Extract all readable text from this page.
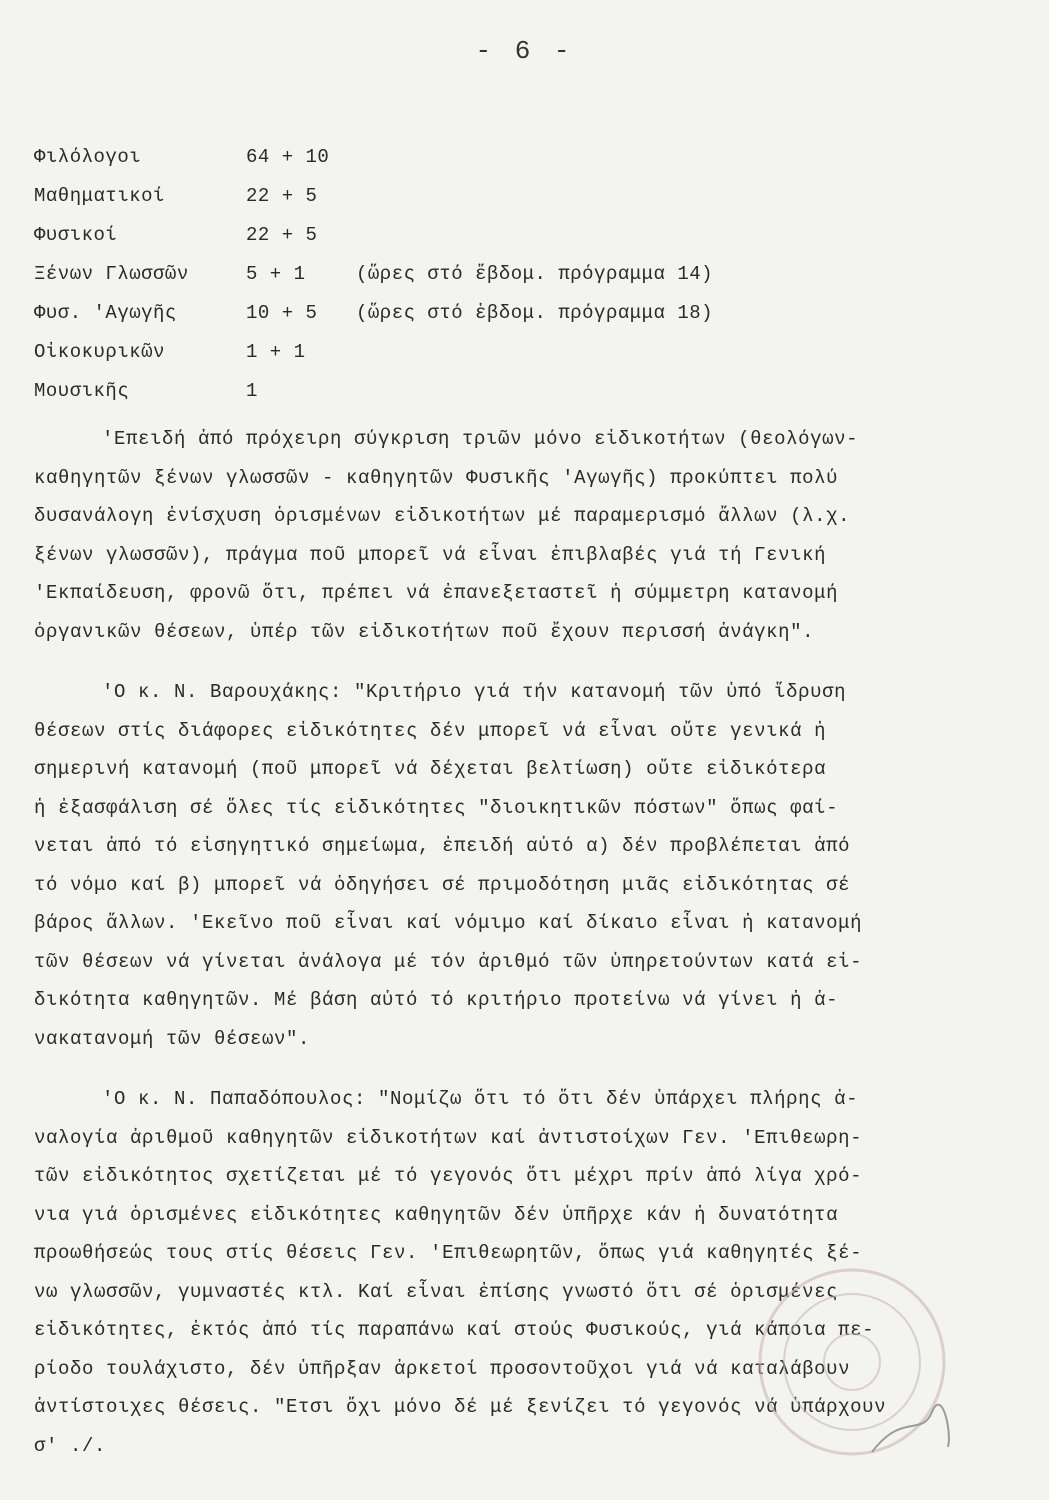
- 6 -
Φιλόλογοι	64 + 10
Μαθηματικοί	22 + 5
Φυσικοί	22 + 5
Ξένων Γλωσσῶν	5 + 1	(ὥρες στό ἕβδομ. πρόγραμμα 14)
Φυσ. 'Αγωγῆς	10 + 5 (ὥρες στό ἑβδομ. πρόγραμμα 18)
Οἰκοκυρικῶν	1 + 1
Μουσικῆς	1
'Επειδή ἀπό πρόχειρη σύγκριση τριῶν μόνο εἰδικοτήτων (θεολόγων-
καθηγητῶν ξένων γλωσσῶν - καθηγητῶν Φυσικῆς 'Αγωγῆς) προκύπτει πολύ
δυσανάλογη ἐνίσχυση ὁρισμένων εἰδικοτήτων μέ παραμερισμό ἄλλων (λ.χ.
ξένων γλωσσῶν), πράγμα ποῦ μπορεῖ νά εἶναι ἐπιβλαβές γιά τή Γενική
'Εκπαίδευση, φρονῶ ὅτι, πρέπει νά ἐπανεξεταστεῖ ἡ σύμμετρη κατανομή
ὀργανικῶν θέσεων, ὑπέρ τῶν εἰδικοτήτων ποῦ ἔχουν περισσή ἀνάγκη".
'Ο κ. Ν. Βαρουχάκης: "Κριτήριο γιά τήν κατανομή τῶν ὑπό ἵδρυση
θέσεων στίς διάφορες εἰδικότητες δέν μπορεῖ νά εἶναι οὔτε γενικά ἡ
σημερινή κατανομή (ποῦ μπορεῖ νά δέχεται βελτίωση) οὔτε εἰδικότερα
ἡ ἐξασφάλιση σέ ὅλες τίς εἰδικότητες "διοικητικῶν πόστων" ὅπως φαί-
νεται ἀπό τό εἰσηγητικό σημείωμα, ἐπειδή αὐτό α) δέν προβλέπεται ἀπό
τό νόμο καί β) μπορεῖ νά ὁδηγήσει σέ πριμοδότηση μιᾶς εἰδικότητας σέ
βάρος ἄλλων. 'Εκεῖνο ποῦ εἶναι καί νόμιμο καί δίκαιο εἶναι ἡ κατανομή
τῶν θέσεων νά γίνεται ἀνάλογα μέ τόν ἀριθμό τῶν ὑπηρετούντων κατά εἰ-
δικότητα καθηγητῶν. Μέ βάση αὐτό τό κριτήριο προτείνω νά γίνει ἡ ἀ-
νακατανομή τῶν θέσεων".
'Ο κ. Ν. Παπαδόπουλος: "Νομίζω ὅτι τό ὅτι δέν ὑπάρχει πλήρης ἀ-
ναλογία ἀριθμοῦ καθηγητῶν εἰδικοτήτων καί ἀντιστοίχων Γεν. 'Επιθεωρη-
τῶν εἰδικότητος σχετίζεται μέ τό γεγονός ὅτι μέχρι πρίν ἀπό λίγα χρό-
νια γιά ὁρισμένες εἰδικότητες καθηγητῶν δέν ὑπῆρχε κάν ἡ δυνατότητα
προωθήσεώς τους στίς θέσεις Γεν. 'Επιθεωρητῶν, ὅπως γιά καθηγητές ξέ-
νω γλωσσῶν, γυμναστές κτλ. Καί εἶναι ἐπίσης γνωστό ὅτι σέ ὁρισμένες
εἰδικότητες, ἐκτός ἀπό τίς παραπάνω καί στούς Φυσικούς, γιά κάποια πε-
ρίοδο τουλάχιστο, δέν ὑπῆρξαν ἀρκετοί προσοντοῦχοι γιά νά καταλάβουν
ἀντίστοιχες θέσεις. "Ετσι ὄχι μόνο δέ μέ ξενίζει τό γεγονός νά ὑπάρχουν
σ' ./.
